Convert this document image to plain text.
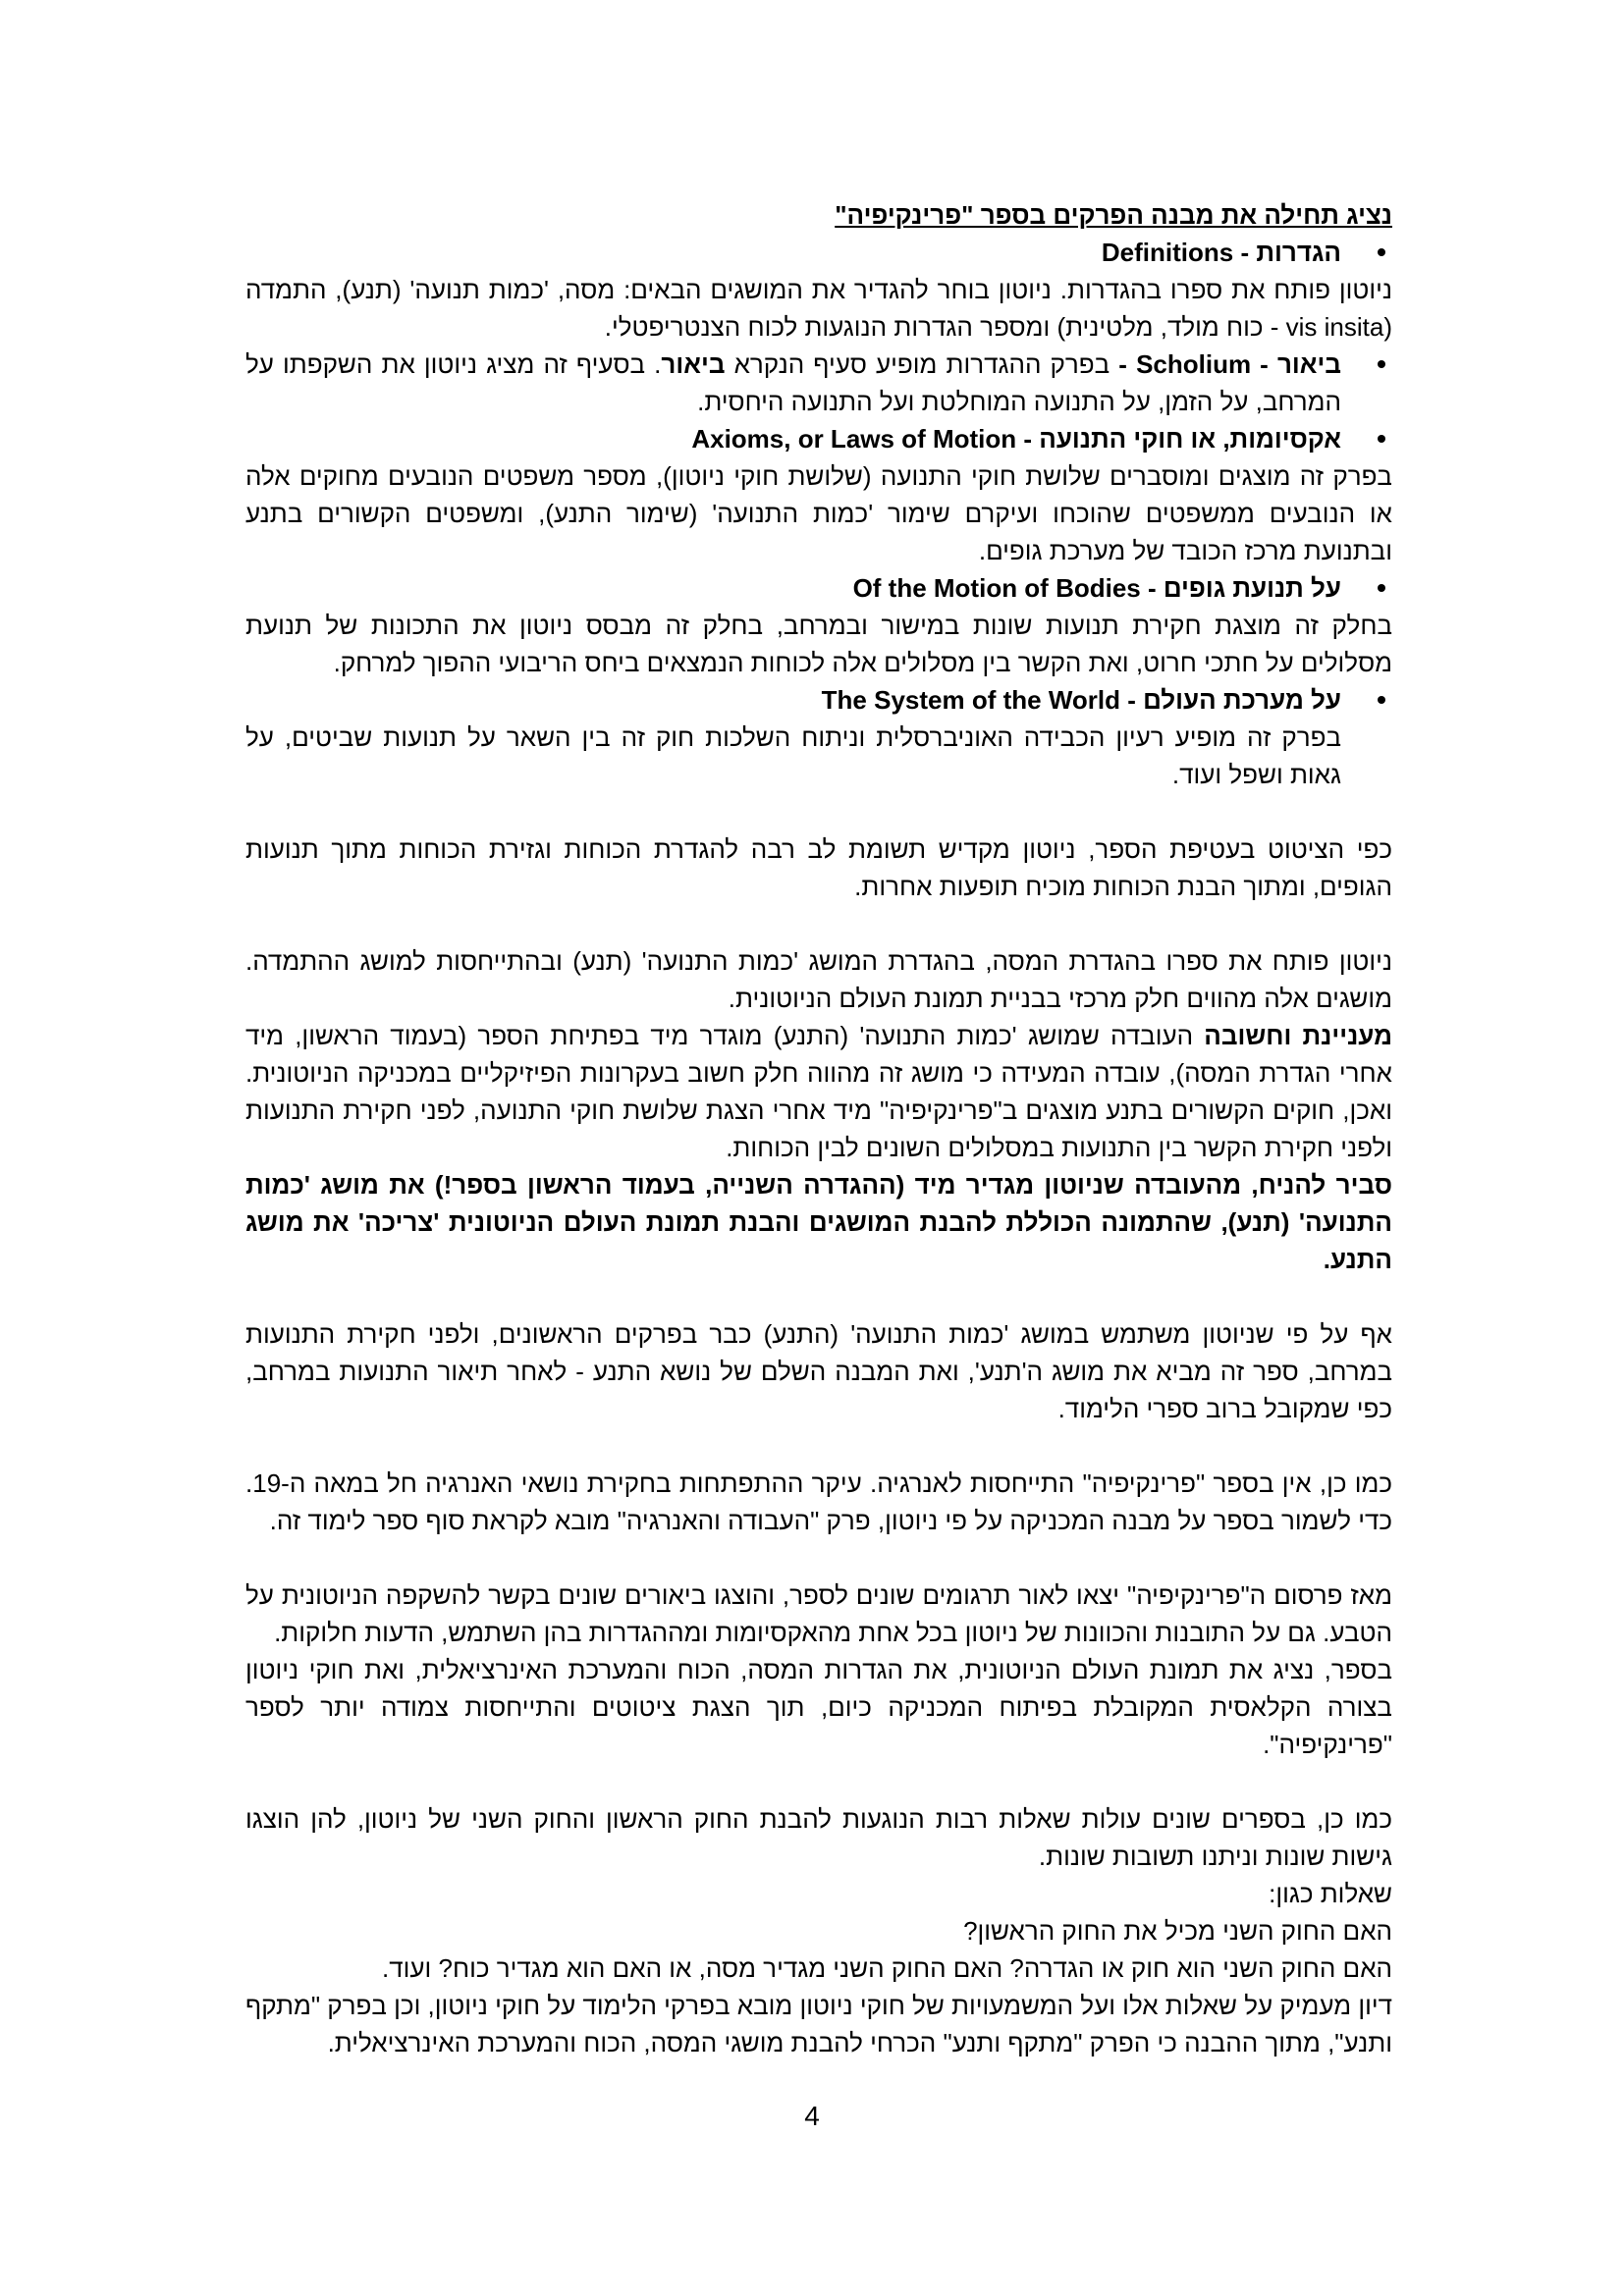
נציג תחילה את מבנה הפרקים בספר "פרינקיפיה"

הגדרות - Definitions
ניוטון פותח את ספרו בהגדרות. ניוטון בוחר להגדיר את המושגים הבאים: מסה, 'כמות תנועה' (תנע), התמדה (vis insita - כוח מולד, מלטינית) ומספר הגדרות הנוגעות לכוח הצנטריפטלי.
ביאור - Scholium - בפרק ההגדרות מופיע סעיף הנקרא ביאור. בסעיף זה מציג ניוטון את השקפתו על המרחב, על הזמן, על התנועה המוחלטת ועל התנועה היחסית.
אקסיומות, או חוקי התנועה - Axioms, or Laws of Motion
בפרק זה מוצגים ומוסברים שלושת חוקי התנועה (שלושת חוקי ניוטון), מספר משפטים הנובעים מחוקים אלה או הנובעים ממשפטים שהוכחו ועיקרם שימור 'כמות התנועה' (שימור התנע), ומשפטים הקשורים בתנע ובתנועת מרכז הכובד של מערכת גופים.
על תנועת גופים - Of the Motion of Bodies
בחלק זה מוצגת חקירת תנועות שונות במישור ובמרחב, בחלק זה מבסס ניוטון את התכונות של תנועת מסלולים על חתכי חרוט, ואת הקשר בין מסלולים אלה לכוחות הנמצאים ביחס הריבועי ההפוך למרחק.
על מערכת העולם - The System of the World
בפרק זה מופיע רעיון הכבידה האוניברסלית וניתוח השלכות חוק זה בין השאר על תנועות שביטים, על גאות ושפל ועוד.

כפי הציטוט בעטיפת הספר, ניוטון מקדיש תשומת לב רבה להגדרת הכוחות וגזירת הכוחות מתוך תנועות הגופים, ומתוך הבנת הכוחות מוכיח תופעות אחרות.

ניוטון פותח את ספרו בהגדרת המסה, בהגדרת המושג 'כמות התנועה' (תנע) ובהתייחסות למושג ההתמדה. מושגים אלה מהווים חלק מרכזי בבניית תמונת העולם הניוטונית.

מעניינת וחשובה העובדה שמושג 'כמות התנועה' (התנע) מוגדר מיד בפתיחת הספר (בעמוד הראשון, מיד אחרי הגדרת המסה), עובדה המעידה כי מושג זה מהווה חלק חשוב בעקרונות הפיזיקליים במכניקה הניוטונית. ואכן, חוקים הקשורים בתנע מוצגים ב"פרינקיפיה" מיד אחרי הצגת שלושת חוקי התנועה, לפני חקירת התנועות ולפני חקירת הקשר בין התנועות במסלולים השונים לבין הכוחות.

סביר להניח, מהעובדה שניוטון מגדיר מיד (ההגדרה השנייה, בעמוד הראשון בספר!) את מושג 'כמות התנועה' (תנע), שהתמונה הכוללת להבנת המושגים והבנת תמונת העולם הניוטונית 'צריכה' את מושג התנע.

אף על פי שניוטון משתמש במושג 'כמות התנועה' (התנע) כבר בפרקים הראשונים, ולפני חקירת התנועות במרחב, ספר זה מביא את מושג ה'תנע', ואת המבנה השלם של נושא התנע - לאחר תיאור התנועות במרחב, כפי שמקובל ברוב ספרי הלימוד.

כמו כן, אין בספר "פרינקיפיה" התייחסות לאנרגיה. עיקר ההתפתחות בחקירת נושאי האנרגיה חל במאה ה-19. כדי לשמור בספר על מבנה המכניקה על פי ניוטון, פרק "העבודה והאנרגיה" מובא לקראת סוף ספר לימוד זה.

מאז פרסום ה"פרינקיפיה" יצאו לאור תרגומים שונים לספר, והוצגו ביאורים שונים בקשר להשקפה הניוטונית על הטבע. גם על התובנות והכוונות של ניוטון בכל אחת מהאקסיומות ומההגדרות בהן השתמש, הדעות חלוקות.

בספר, נציג את תמונת העולם הניוטונית, את הגדרות המסה, הכוח והמערכת האינרציאלית, ואת חוקי ניוטון בצורה הקלאסית המקובלת בפיתוח המכניקה כיום, תוך הצגת ציטוטים והתייחסות צמודה יותר לספר "פרינקיפיה".

כמו כן, בספרים שונים עולות שאלות רבות הנוגעות להבנת החוק הראשון והחוק השני של ניוטון, להן הוצגו גישות שונות וניתנו תשובות שונות.

שאלות כגון:

האם החוק השני מכיל את החוק הראשון?

האם החוק השני הוא חוק או הגדרה? האם החוק השני מגדיר מסה, או האם הוא מגדיר כוח? ועוד.

דיון מעמיק על שאלות אלו ועל המשמעויות של חוקי ניוטון מובא בפרקי הלימוד על חוקי ניוטון, וכן בפרק "מתקף ותנע", מתוך ההבנה כי הפרק "מתקף ותנע" הכרחי להבנת מושגי המסה, הכוח והמערכת האינרציאלית.

4
